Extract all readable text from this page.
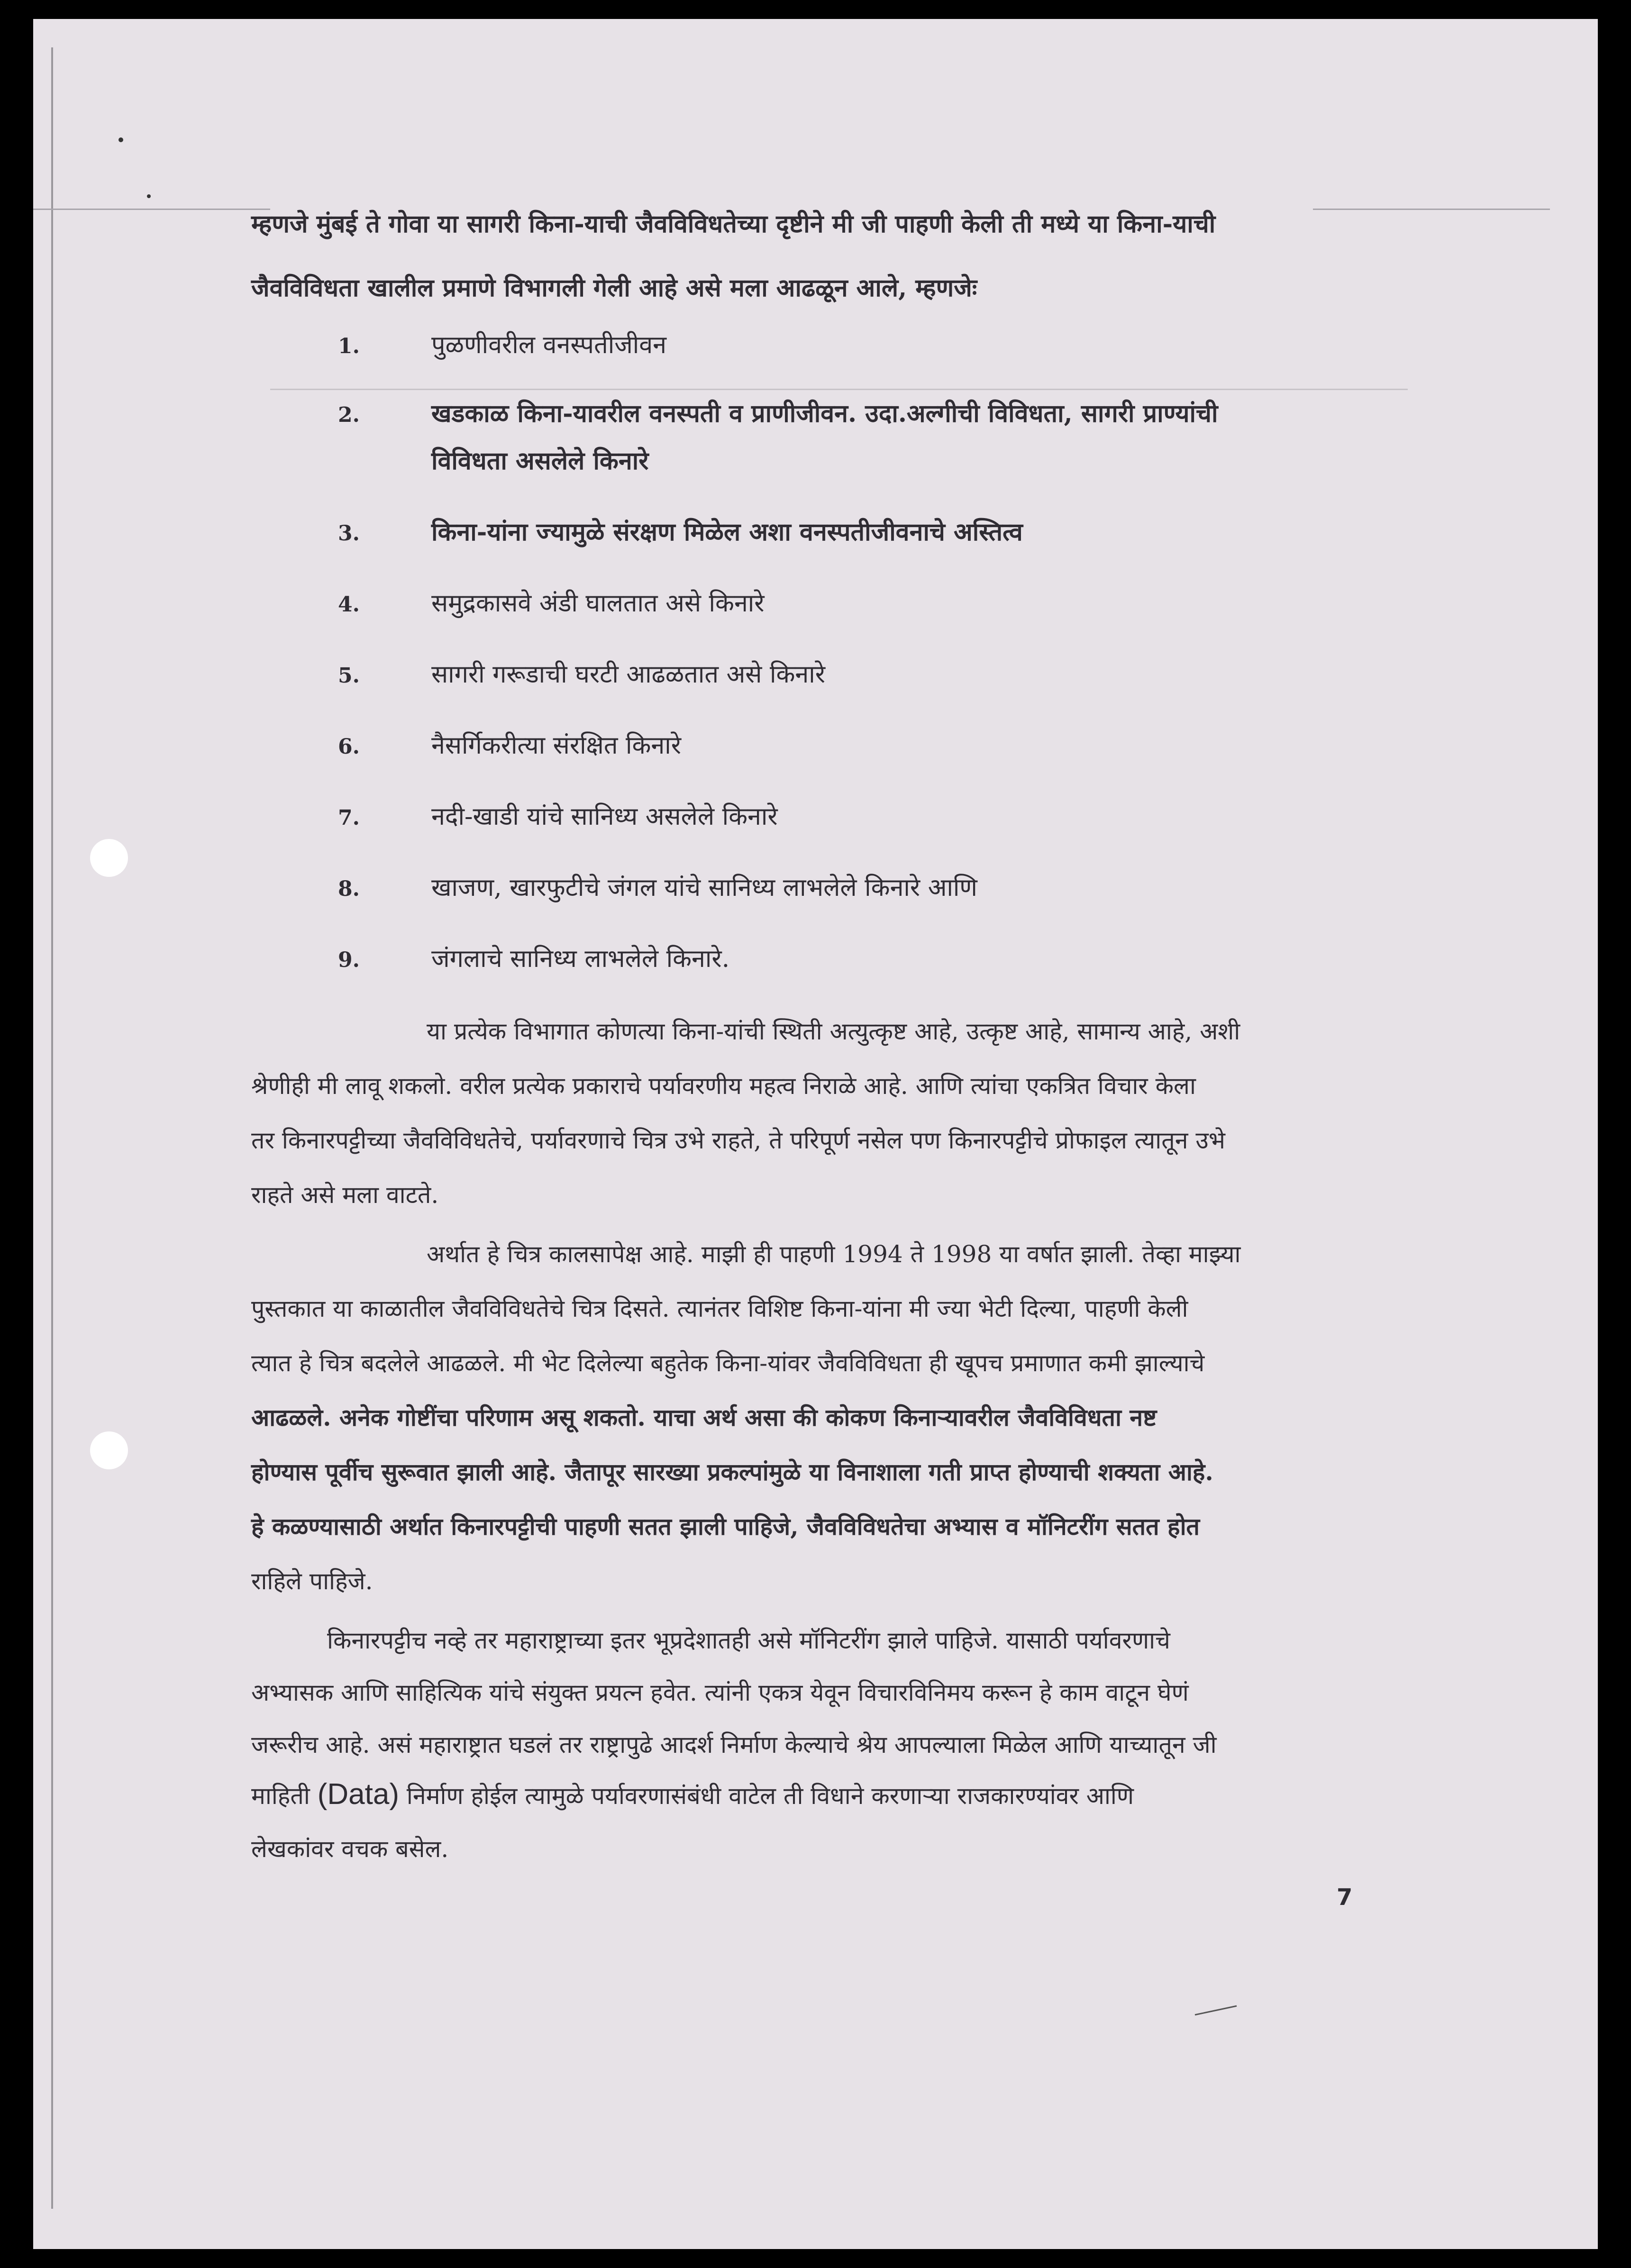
म्हणजे मुंबई ते गोवा या सागरी किना-याची जैवविविधतेच्या दृष्टीने मी जी पाहणी केली ती मध्ये या किना-याची
जैवविविधता खालील प्रमाणे विभागली गेली आहे असे मला आढळून आले, म्हणजेः
1.	पुळणीवरील वनस्पतीजीवन
2.	खडकाळ किना-यावरील वनस्पती व प्राणीजीवन. उदा.अल्गीची विविधता, सागरी प्राण्यांची
विविधता असलेले किनारे
3.	किना-यांना ज्यामुळे संरक्षण मिळेल अशा वनस्पतीजीवनाचे अस्तित्व
4.	समुद्रकासवे अंडी घालतात असे किनारे
5.	सागरी गरूडाची घरटी आढळतात असे किनारे
6.	नैसर्गिकरीत्या संरक्षित किनारे
7.	नदी-खाडी यांचे सानिध्य असलेले किनारे
8.	खाजण, खारफुटीचे जंगल यांचे सानिध्य लाभलेले किनारे आणि
9.	जंगलाचे सानिध्य लाभलेले किनारे.
या प्रत्येक विभागात कोणत्या किना-यांची स्थिती अत्युत्कृष्ट आहे, उत्कृष्ट आहे, सामान्य आहे, अशी
श्रेणीही मी लावू शकलो. वरील प्रत्येक प्रकाराचे पर्यावरणीय महत्व निराळे आहे. आणि त्यांचा एकत्रित विचार केला
तर किनारपट्टीच्या जैवविविधतेचे, पर्यावरणाचे चित्र उभे राहते, ते परिपूर्ण नसेल पण किनारपट्टीचे प्रोफाइल त्यातून उभे
राहते असे मला वाटते.
अर्थात हे चित्र कालसापेक्ष आहे. माझी ही पाहणी 1994 ते 1998 या वर्षात झाली. तेव्हा माझ्या
पुस्तकात या काळातील जैवविविधतेचे चित्र दिसते. त्यानंतर विशिष्ट किना-यांना मी ज्या भेटी दिल्या, पाहणी केली
त्यात हे चित्र बदलेले आढळले. मी भेट दिलेल्या बहुतेक किना-यांवर जैवविविधता ही खूपच प्रमाणात कमी झाल्याचे
आढळले. अनेक गोष्टींचा परिणाम असू शकतो. याचा अर्थ असा की कोकण किनाऱ्यावरील जैवविविधता नष्ट
होण्यास पूर्वीच सुरूवात झाली आहे. जैतापूर सारख्या प्रकल्पांमुळे या विनाशाला गती प्राप्त होण्याची शक्यता आहे.
हे कळण्यासाठी अर्थात किनारपट्टीची पाहणी सतत झाली पाहिजे, जैवविविधतेचा अभ्यास व मॉनिटरींग सतत होत
राहिले पाहिजे.
किनारपट्टीच नव्हे तर महाराष्ट्राच्या इतर भूप्रदेशातही असे मॉनिटरींग झाले पाहिजे. यासाठी पर्यावरणाचे
अभ्यासक आणि साहित्यिक यांचे संयुक्त प्रयत्न हवेत. त्यांनी एकत्र येवून विचारविनिमय करून हे काम वाटून घेणं
जरूरीच आहे. असं महाराष्ट्रात घडलं तर राष्ट्रापुढे आदर्श निर्माण केल्याचे श्रेय आपल्याला मिळेल आणि याच्यातून जी
माहिती (Data) निर्माण होईल त्यामुळे पर्यावरणासंबंधी वाटेल ती विधाने करणाऱ्या राजकारण्यांवर आणि
लेखकांवर वचक बसेल.
7
